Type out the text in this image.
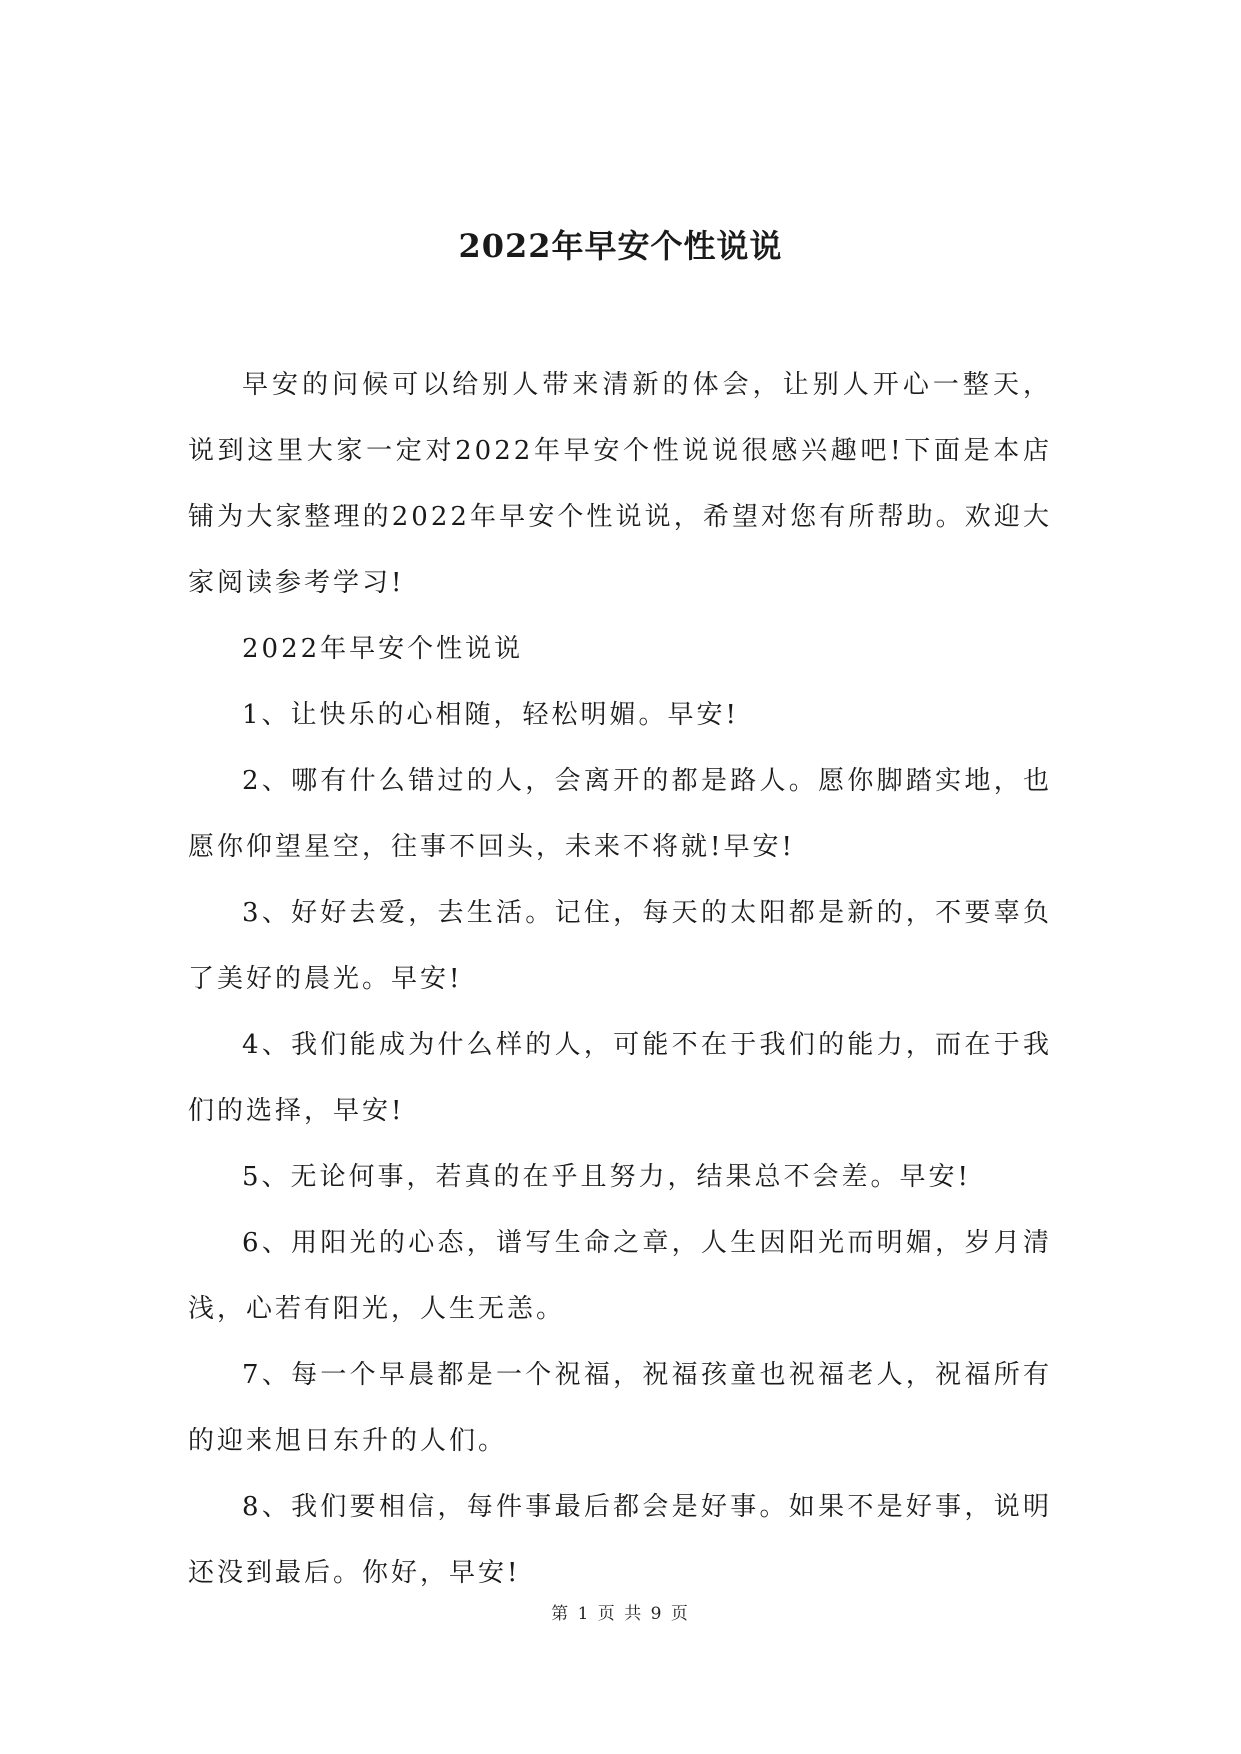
2022年早安个性说说

早安的问候可以给别人带来清新的体会，让别人开心一整天，说到这里大家一定对2022年早安个性说说很感兴趣吧!下面是本店铺为大家整理的2022年早安个性说说，希望对您有所帮助。欢迎大家阅读参考学习!

2022年早安个性说说

1、让快乐的心相随，轻松明媚。早安!

2、哪有什么错过的人，会离开的都是路人。愿你脚踏实地，也愿你仰望星空，往事不回头，未来不将就!早安!

3、好好去爱，去生活。记住，每天的太阳都是新的，不要辜负了美好的晨光。早安!

4、我们能成为什么样的人，可能不在于我们的能力，而在于我们的选择，早安!

5、无论何事，若真的在乎且努力，结果总不会差。早安!

6、用阳光的心态，谱写生命之章，人生因阳光而明媚，岁月清浅，心若有阳光，人生无恙。

7、每一个早晨都是一个祝福，祝福孩童也祝福老人，祝福所有的迎来旭日东升的人们。

8、我们要相信，每件事最后都会是好事。如果不是好事，说明还没到最后。你好，早安!

第 1 页 共 9 页
